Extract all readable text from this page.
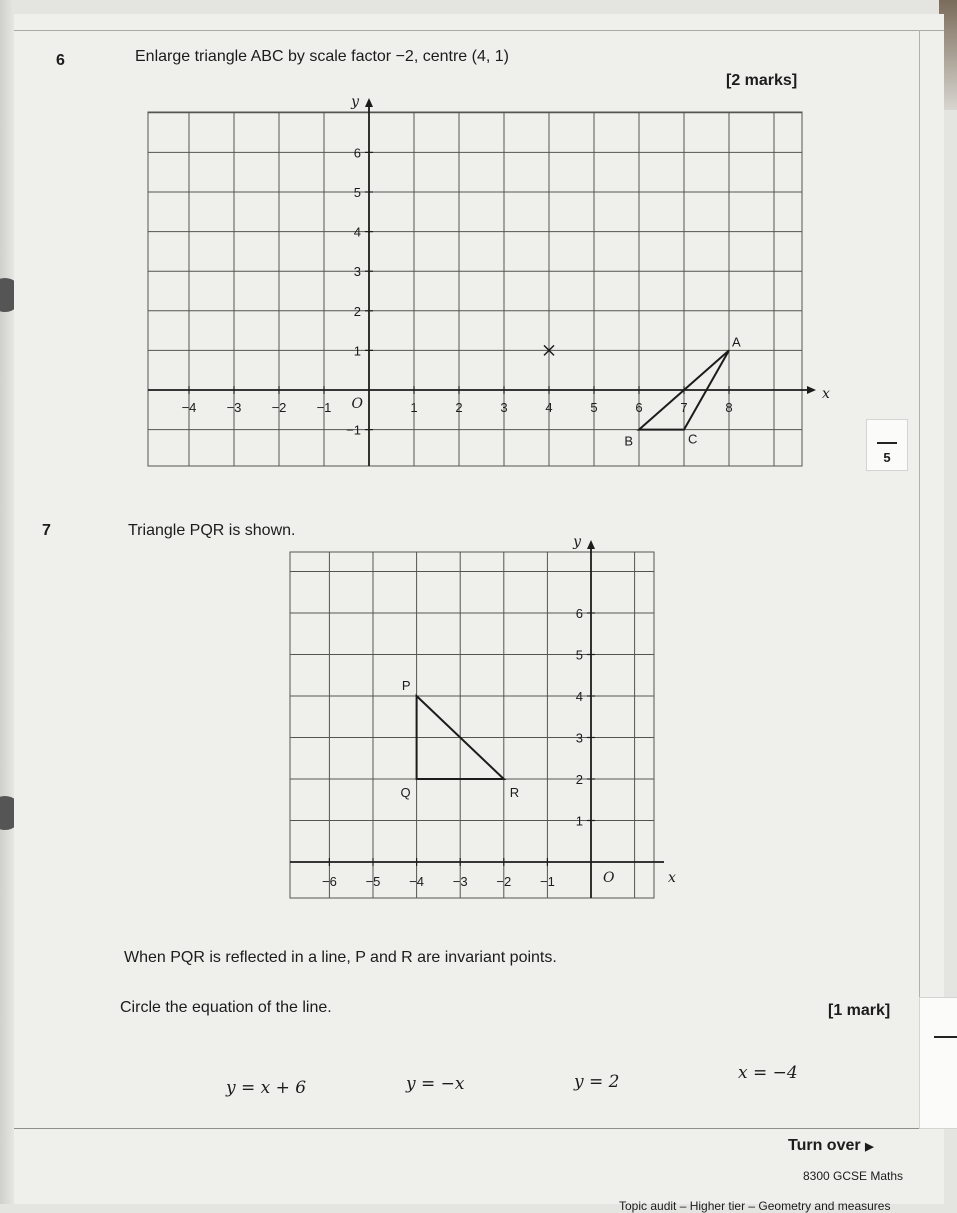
6	Enlarge triangle ABC by scale factor −2, centre (4, 1)
[2 marks]
−4 −3 −2 −1	1	2	3	4	5	6	7	8
6
5
4
3
2
1
−1
O
x
y
A
B	C
5
7	Triangle PQR is shown.
−6 −5 −4 −3 −2 −1
6
5
4
3
2
1
O	x
y
P
Q	R
When PQR is reflected in a line, P and R are invariant points.
Circle the equation of the line.	[1 mark]
y = x + 6	y = −x	y = 2	x = −4
Turn over ▶
8300 GCSE Maths
Topic audit – Higher tier – Geometry and measures
